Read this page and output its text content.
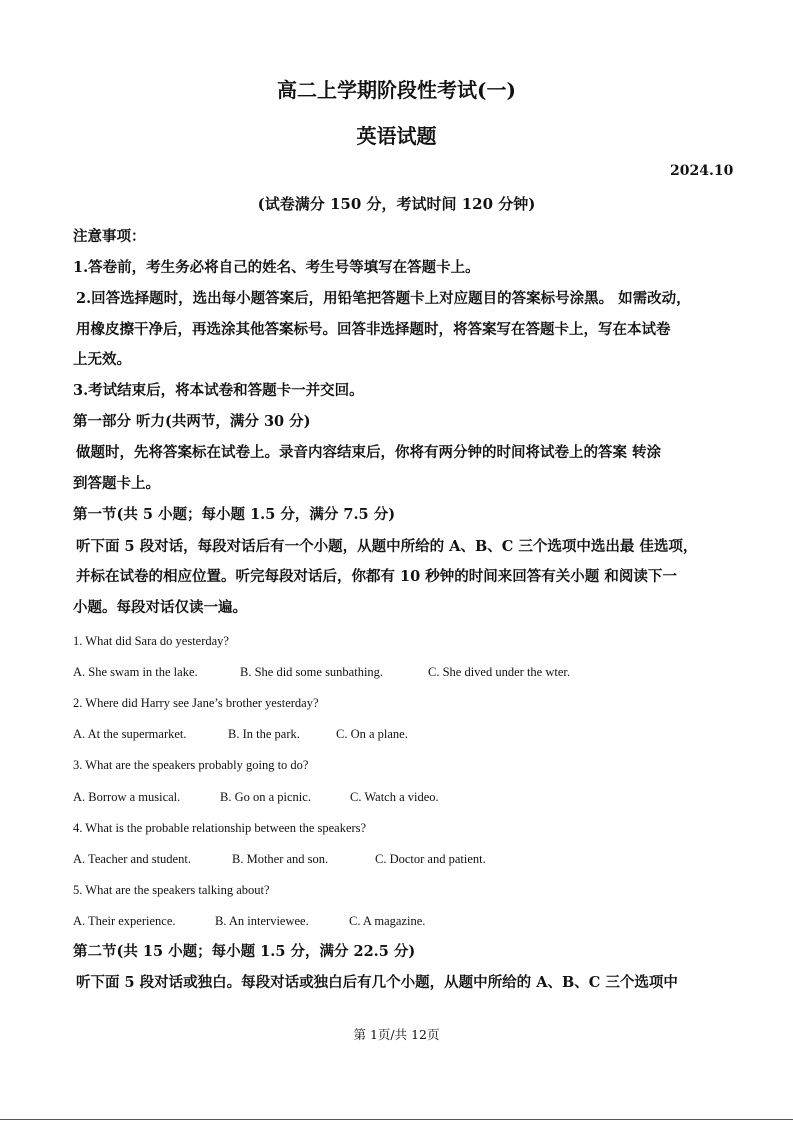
高二上学期阶段性考试(一)
英语试题
2024.10
(试卷满分 150 分，考试时间 120 分钟)
注意事项：
1.答卷前，考生务必将自己的姓名、考生号等填写在答题卡上。
2.回答选择题时，选出每小题答案后，用铅笔把答题卡上对应题目的答案标号涂黑。 如需改动，
用橡皮擦干净后，再选涂其他答案标号。回答非选择题时，将答案写在答题卡上，写在本试卷
上无效。
3.考试结束后，将本试卷和答题卡一并交回。
第一部分 听力(共两节，满分 30 分)
做题时，先将答案标在试卷上。录音内容结束后，你将有两分钟的时间将试卷上的答案 转涂
到答题卡上。
第一节(共 5 小题；每小题 1.5 分，满分 7.5 分)
听下面 5 段对话，每段对话后有一个小题，从题中所给的 A、B、C 三个选项中选出最 佳选项，
并标在试卷的相应位置。听完每段对话后，你都有 10 秒钟的时间来回答有关小题 和阅读下一
小题。每段对话仅读一遍。
1. What did Sara do yesterday?
A. She swam in the lake.	B. She did some sunbathing.	C. She dived under the wter.
2. Where did Harry see Jane’s brother yesterday?
A. At the supermarket.	B. In the park.	C. On a plane.
3. What are the speakers probably going to do?
A. Borrow a musical.	B. Go on a picnic.	C. Watch a video.
4. What is the probable relationship between the speakers?
A. Teacher and student.	B. Mother and son.	C. Doctor and patient.
5. What are the speakers talking about?
A. Their experience.	B. An interviewee.	C. A magazine.
第二节(共 15 小题；每小题 1.5 分，满分 22.5 分)
听下面 5 段对话或独白。每段对话或独白后有几个小题，从题中所给的 A、B、C 三个选项中
第 1页/共 12页
